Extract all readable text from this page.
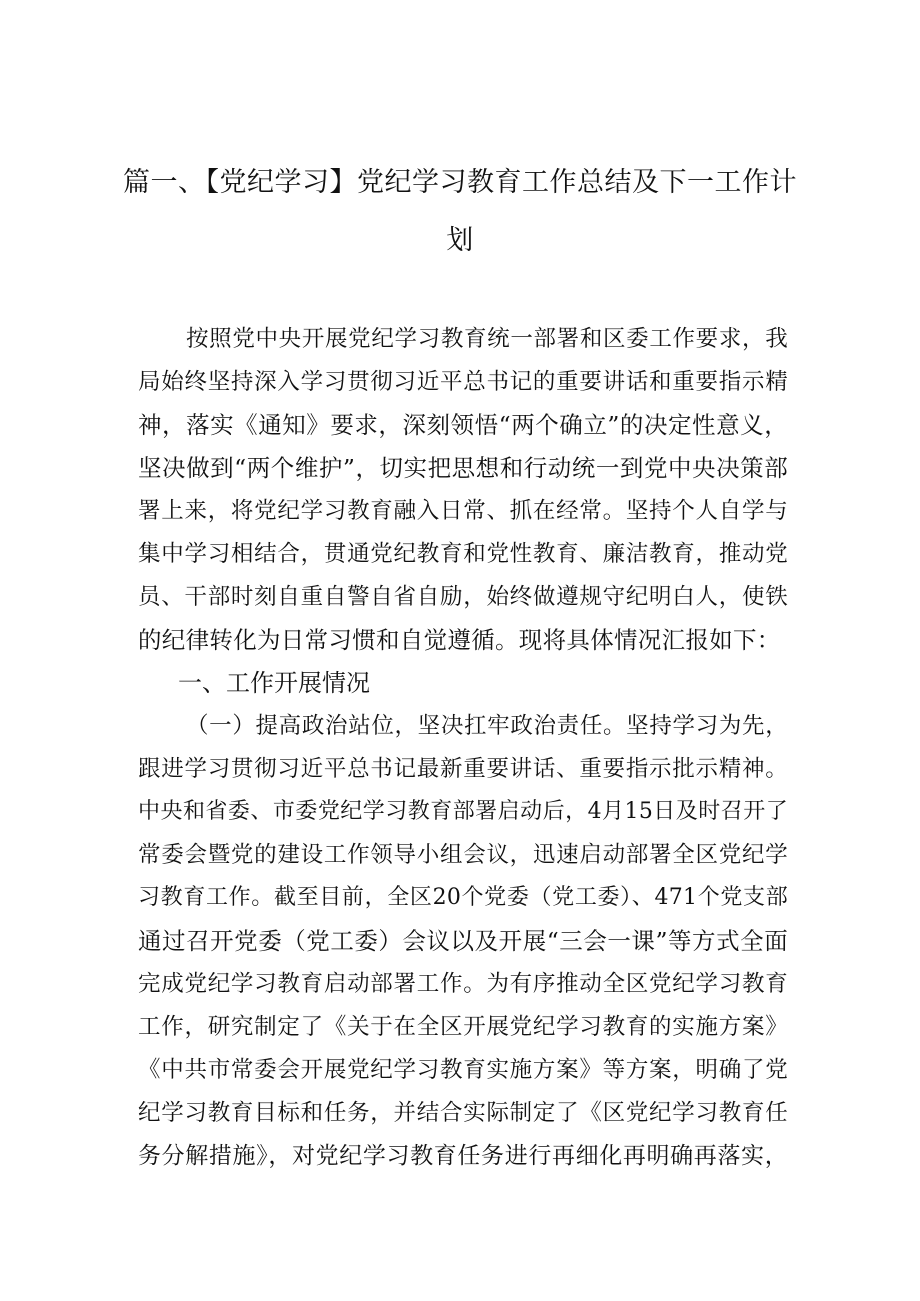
篇一、【党纪学习】党纪学习教育工作总结及下一工作计
划
按照党中央开展党纪学习教育统一部署和区委工作要求，我
局始终坚持深入学习贯彻习近平总书记的重要讲话和重要指示精
神，落实《通知》要求，深刻领悟“两个确立”的决定性意义，
坚决做到“两个维护”，切实把思想和行动统一到党中央决策部
署上来，将党纪学习教育融入日常、抓在经常。坚持个人自学与
集中学习相结合，贯通党纪教育和党性教育、廉洁教育，推动党
员、干部时刻自重自警自省自励，始终做遵规守纪明白人，使铁
的纪律转化为日常习惯和自觉遵循。现将具体情况汇报如下：
一、工作开展情况
（一）提高政治站位，坚决扛牢政治责任。坚持学习为先，
跟进学习贯彻习近平总书记最新重要讲话、重要指示批示精神。
中央和省委、市委党纪学习教育部署启动后，4月15日及时召开了
常委会暨党的建设工作领导小组会议，迅速启动部署全区党纪学
习教育工作。截至目前，全区20个党委（党工委）、471个党支部
通过召开党委（党工委）会议以及开展“三会一课”等方式全面
完成党纪学习教育启动部署工作。为有序推动全区党纪学习教育
工作，研究制定了《关于在全区开展党纪学习教育的实施方案》
《中共市常委会开展党纪学习教育实施方案》等方案，明确了党
纪学习教育目标和任务，并结合实际制定了《区党纪学习教育任
务分解措施》，对党纪学习教育任务进行再细化再明确再落实，
